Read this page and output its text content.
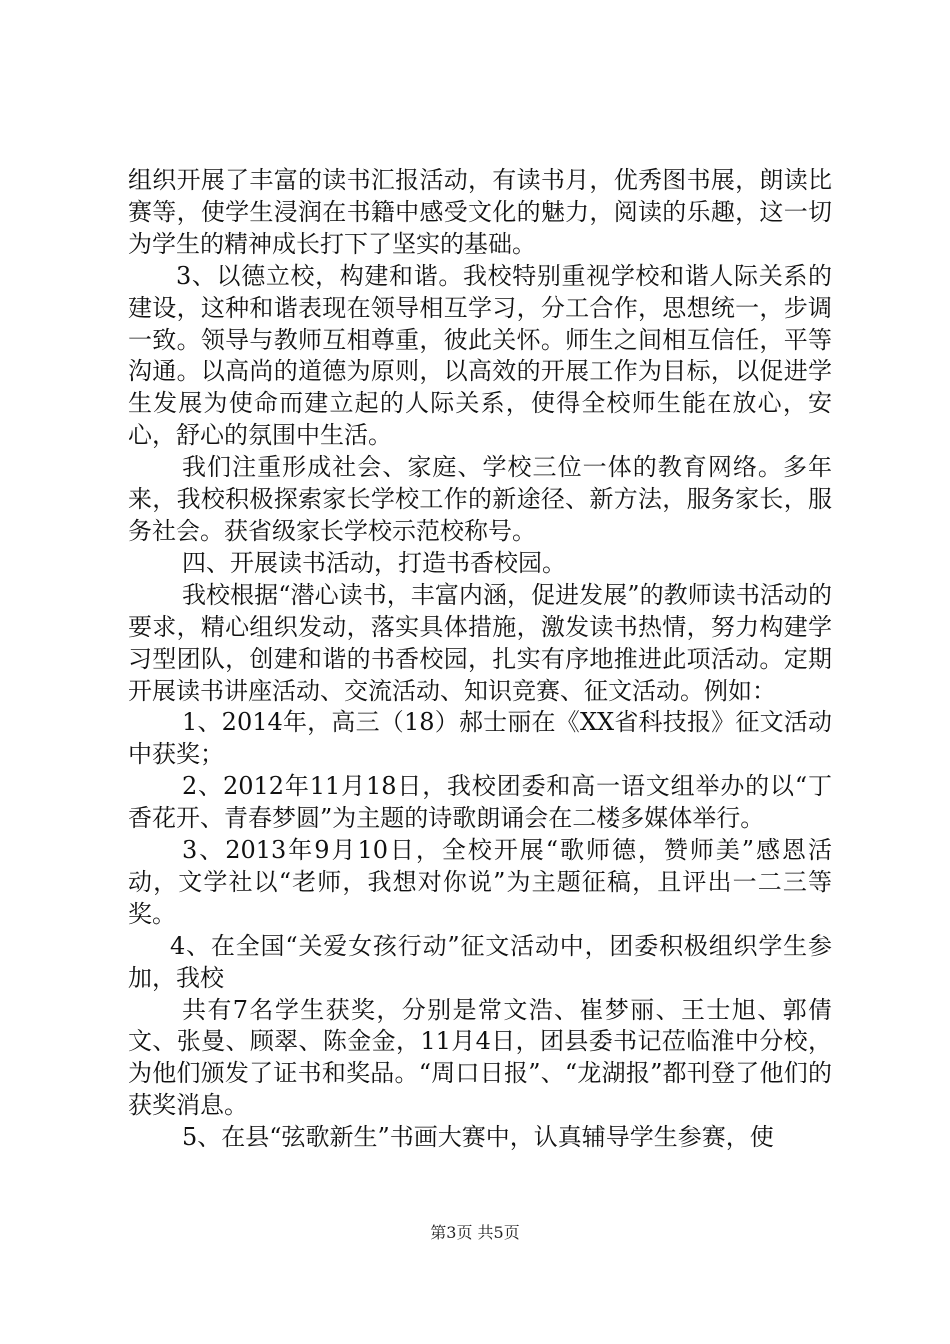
组织开展了丰富的读书汇报活动，有读书月，优秀图书展，朗读比赛等，使学生浸润在书籍中感受文化的魅力，阅读的乐趣，这一切为学生的精神成长打下了坚实的基础。

3、以德立校，构建和谐。我校特别重视学校和谐人际关系的建设，这种和谐表现在领导相互学习，分工合作，思想统一，步调一致。领导与教师互相尊重，彼此关怀。师生之间相互信任，平等沟通。以高尚的道德为原则，以高效的开展工作为目标，以促进学生发展为使命而建立起的人际关系，使得全校师生能在放心，安心，舒心的氛围中生活。

我们注重形成社会、家庭、学校三位一体的教育网络。多年来，我校积极探索家长学校工作的新途径、新方法，服务家长，服务社会。获省级家长学校示范校称号。

四、开展读书活动，打造书香校园。

我校根据“潜心读书，丰富内涵，促进发展”的教师读书活动的要求，精心组织发动，落实具体措施，激发读书热情，努力构建学习型团队，创建和谐的书香校园，扎实有序地推进此项活动。定期开展读书讲座活动、交流活动、知识竞赛、征文活动。例如：

1、2014年，高三（18）郝士丽在《XX省科技报》征文活动中获奖；

2、2012年11月18日，我校团委和高一语文组举办的以“丁香花开、青春梦圆”为主题的诗歌朗诵会在二楼多媒体举行。

3、2013年9月10日，全校开展“歌师德，赞师美”感恩活动，文学社以“老师，我想对你说”为主题征稿，且评出一二三等奖。

4、在全国“关爱女孩行动”征文活动中，团委积极组织学生参加，我校

共有7名学生获奖，分别是常文浩、崔梦丽、王士旭、郭倩文、张曼、顾翠、陈金金，11月4日，团县委书记莅临淮中分校，为他们颁发了证书和奖品。“周口日报”、“龙湖报”都刊登了他们的获奖消息。

5、在县“弦歌新生”书画大赛中，认真辅导学生参赛，使

第3页 共5页
